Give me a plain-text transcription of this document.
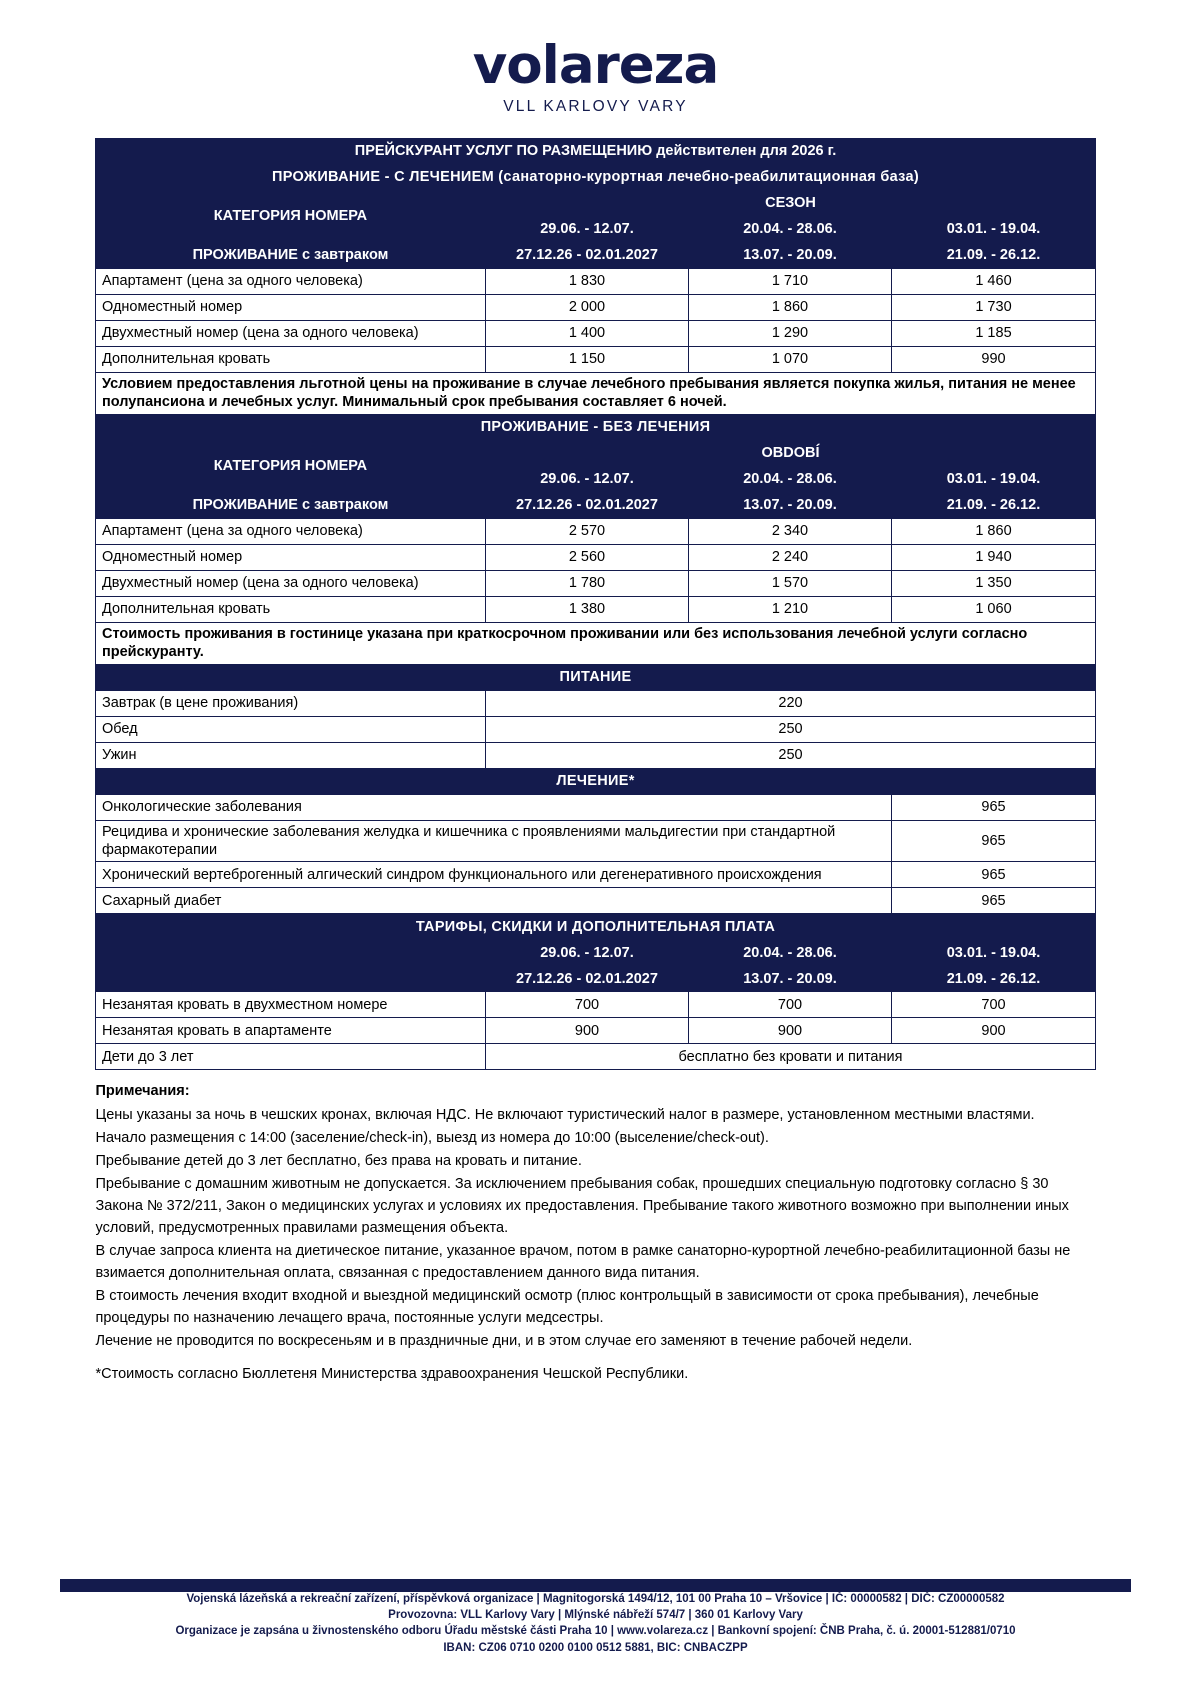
volareza
VLL KARLOVY VARY
ПРЕЙСКУРАНТ УСЛУГ ПО РАЗМЕЩЕНИЮ действителен для 2026 г.			
ПРОЖИВАНИЕ - С ЛЕЧЕНИЕМ (санаторно-курортная лечебно-реабилитационная база)			
КАТЕГОРИЯ НОМЕРА	СЕЗОН		
	29.06. - 12.07.	20.04. - 28.06.	03.01. - 19.04.
ПРОЖИВАНИЕ с завтраком	27.12.26 - 02.01.2027	13.07. - 20.09.	21.09. - 26.12.
Апартамент (цена за одного человека)	1 830	1 710	1 460
Одноместный номер	2 000	1 860	1 730
Двухместный номер (цена за одного человека)	1 400	1 290	1 185
Дополнительная кровать	1 150	1 070	990
Условием предоставления льготной цены на проживание в случае лечебного пребывания является покупка жилья, питания не менее полупансиона и лечебных услуг. Минимальный срок пребывания составляет 6 ночей.			
ПРОЖИВАНИЕ - БЕЗ ЛЕЧЕНИЯ			
КАТЕГОРИЯ НОМЕРА	OBDOBÍ		
	29.06. - 12.07.	20.04. - 28.06.	03.01. - 19.04.
ПРОЖИВАНИЕ с завтраком	27.12.26 - 02.01.2027	13.07. - 20.09.	21.09. - 26.12.
Апартамент (цена за одного человека)	2 570	2 340	1 860
Одноместный номер	2 560	2 240	1 940
Двухместный номер (цена за одного человека)	1 780	1 570	1 350
Дополнительная кровать	1 380	1 210	1 060
Стоимость проживания в гостинице указана при краткосрочном проживании или без использования лечебной услуги согласно прейскуранту.			
ПИТАНИЕ			
Завтрак (в цене проживания)	220		
Обед	250		
Ужин	250		
ЛЕЧЕНИЕ*			
Онкологические заболевания			965
Рецидива и хронические заболевания желудка и кишечника с проявлениями мальдигестии при стандартной фармакотерапии			965
Хронический вертеброгенный алгический синдром функционального или дегенеративного происхождения			965
Сахарный диабет			965
ТАРИФЫ, СКИДКИ И ДОПОЛНИТЕЛЬНАЯ ПЛАТА			
	29.06. - 12.07.	20.04. - 28.06.	03.01. - 19.04.
	27.12.26 - 02.01.2027	13.07. - 20.09.	21.09. - 26.12.
Незанятая кровать в двухместном номере	700	700	700
Незанятая кровать в апартаменте	900	900	900
Дети до 3 лет	бесплатно без кровати и питания		

Примечания:

Цены указаны за ночь в чешских кронах, включая НДС. Не включают туристический налог в размере, установленном местными властями.

Начало размещения с 14:00 (заселение/check-in), выезд из номера до 10:00 (выселение/check-out).

Пребывание детей до 3 лет бесплатно, без права на кровать и питание.

Пребывание с домашним животным не допускается. За исключением пребывания собак, прошедших специальную подготовку согласно § 30 Закона № 372/211, Закон о медицинских услугах и условиях их предоставления. Пребывание такого животного возможно при выполнении иных условий, предусмотренных правилами размещения объекта.

В случае запроса клиента на диетическое питание, указанное врачом, потом в рамке санаторно-курортной лечебно-реабилитационной базы не взимается дополнительная оплата, связанная с предоставлением данного вида питания.

В стоимость лечения входит входной и выездной медицинский осмотр (плюс контрольщый в зависимости от срока пребывания), лечебные процедуры по назначению лечащего врача, постоянные услуги медсестры.

Лечение не проводится по воскресеньям и в праздничные дни, и в этом случае его заменяют в течение рабочей недели.

*Стоимость согласно Бюллетеня Министерства здравоохранения Чешской Республики.

Vojenská lázeňská a rekreační zařízení, příspěvková organizace | Magnitogorská 1494/12, 101 00 Praha 10 – Vršovice | IČ: 00000582 | DIČ: CZ00000582
Provozovna: VLL Karlovy Vary | Mlýnské nábřeží 574/7 | 360 01 Karlovy Vary
Organizace je zapsána u živnostenského odboru Úřadu městské části Praha 10 | www.volareza.cz | Bankovní spojení: ČNB Praha, č. ú. 20001-512881/0710
IBAN: CZ06 0710 0200 0100 0512 5881, BIC: CNBACZPP
